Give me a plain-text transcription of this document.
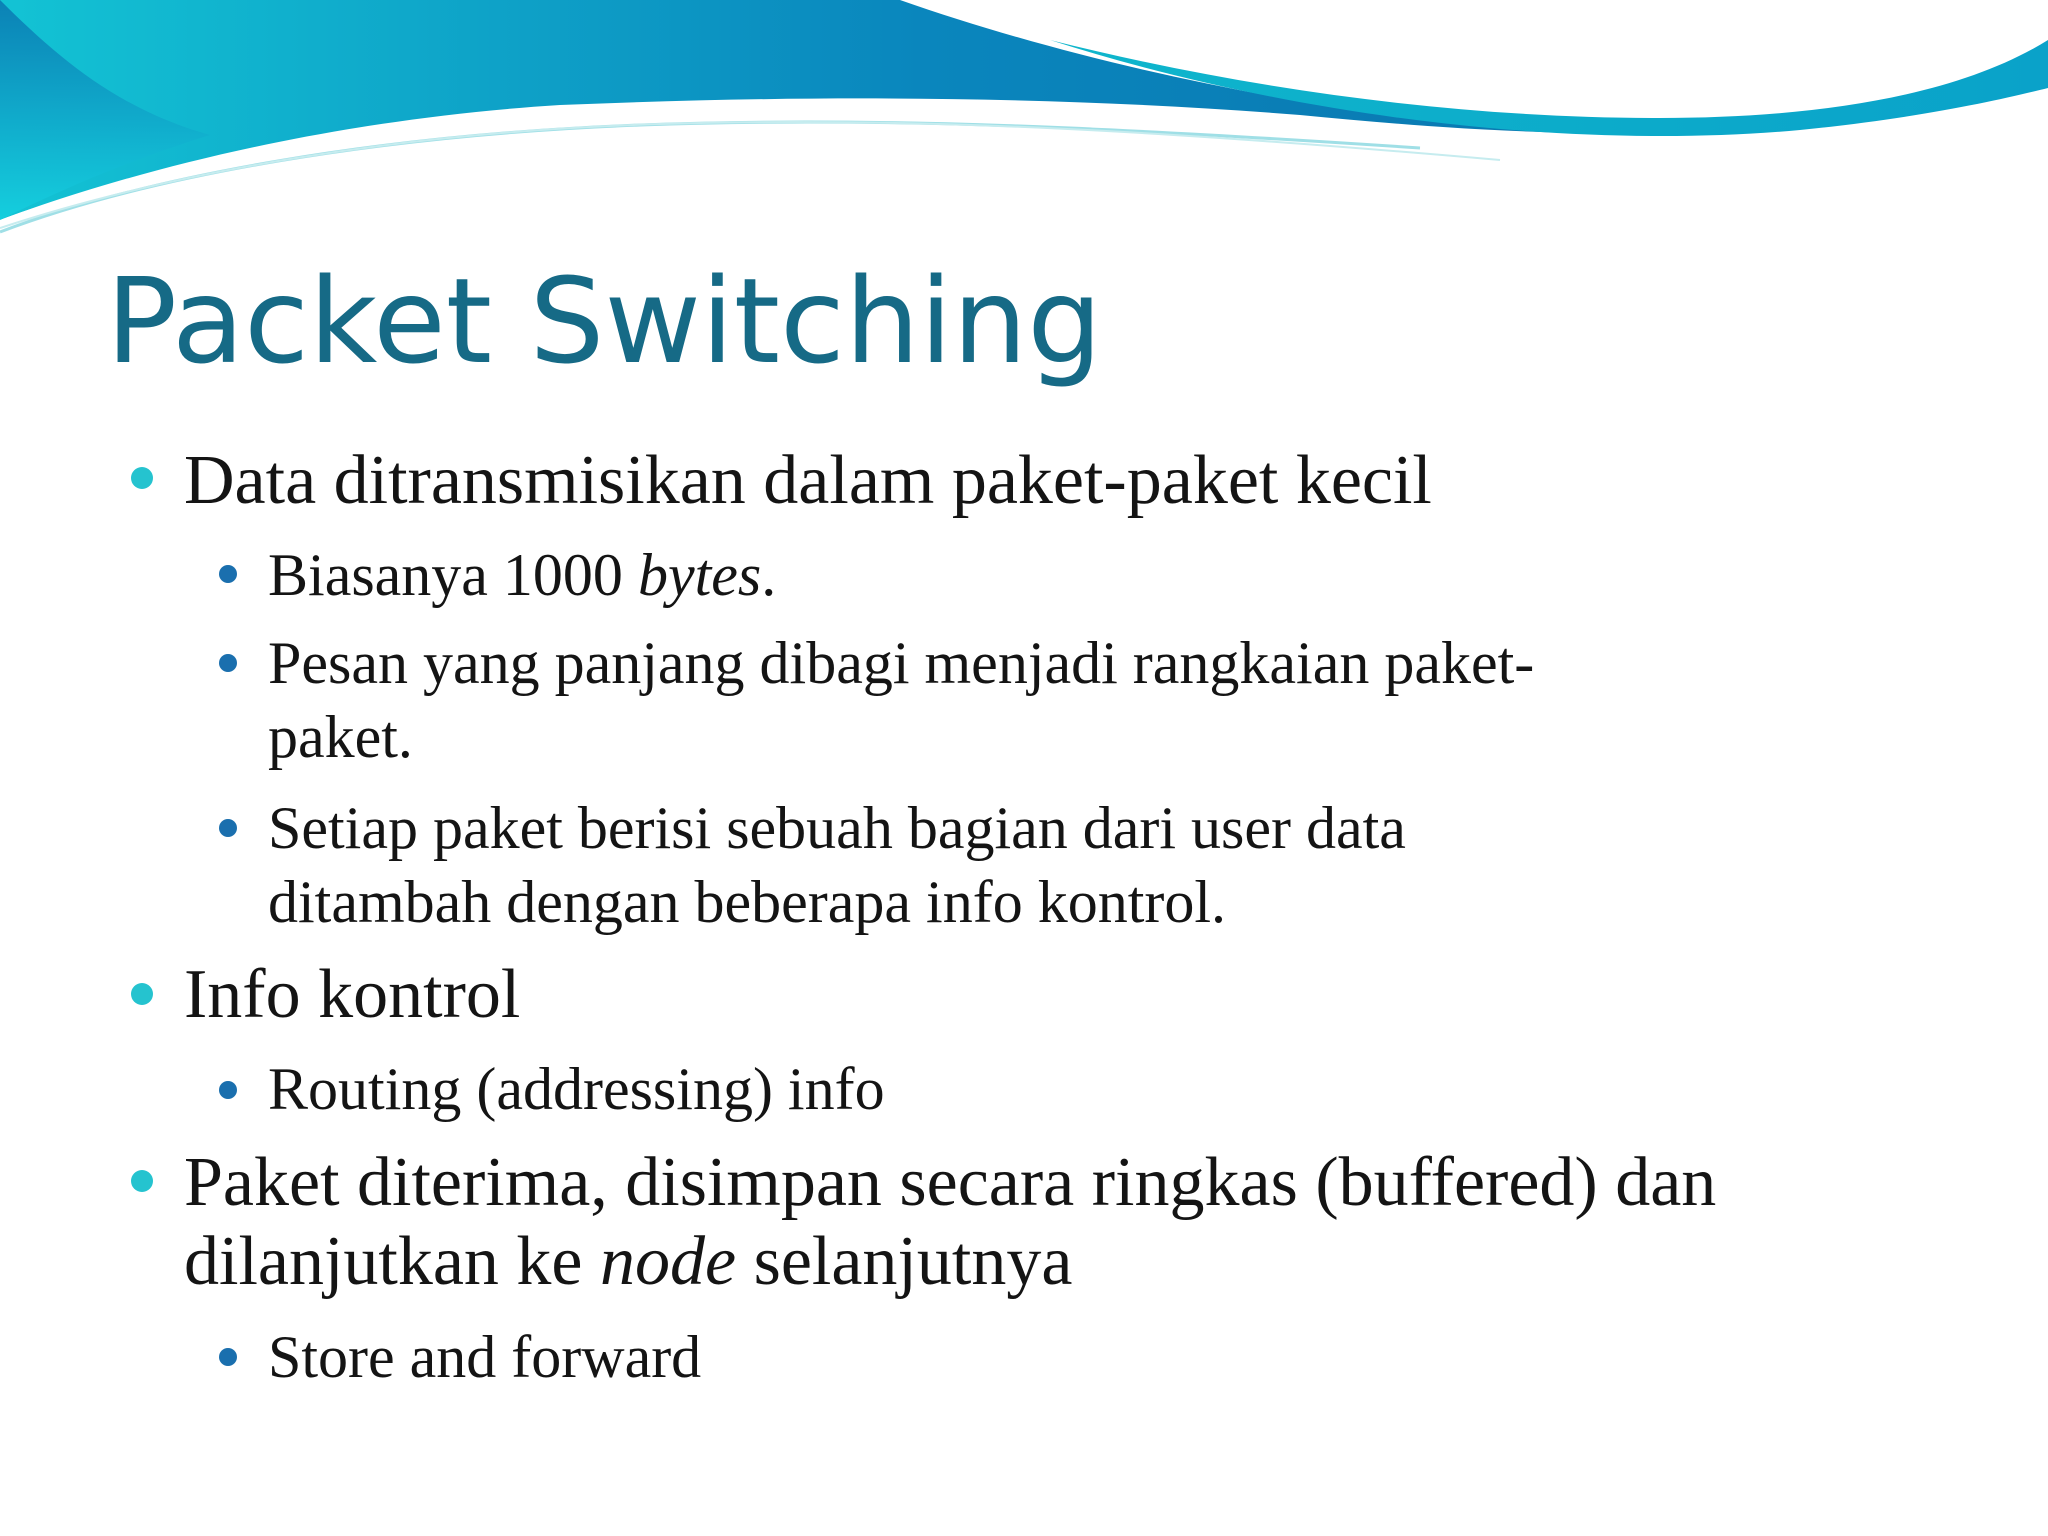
Packet Switching
Data ditransmisikan dalam paket-paket kecil
Biasanya 1000 bytes.
Pesan yang panjang dibagi menjadi rangkaian paket-
paket.
Setiap paket berisi sebuah bagian dari user data
ditambah dengan beberapa info kontrol.
Info kontrol
Routing (addressing) info
Paket diterima, disimpan secara ringkas (buffered) dan
dilanjutkan ke node selanjutnya
Store and forward
